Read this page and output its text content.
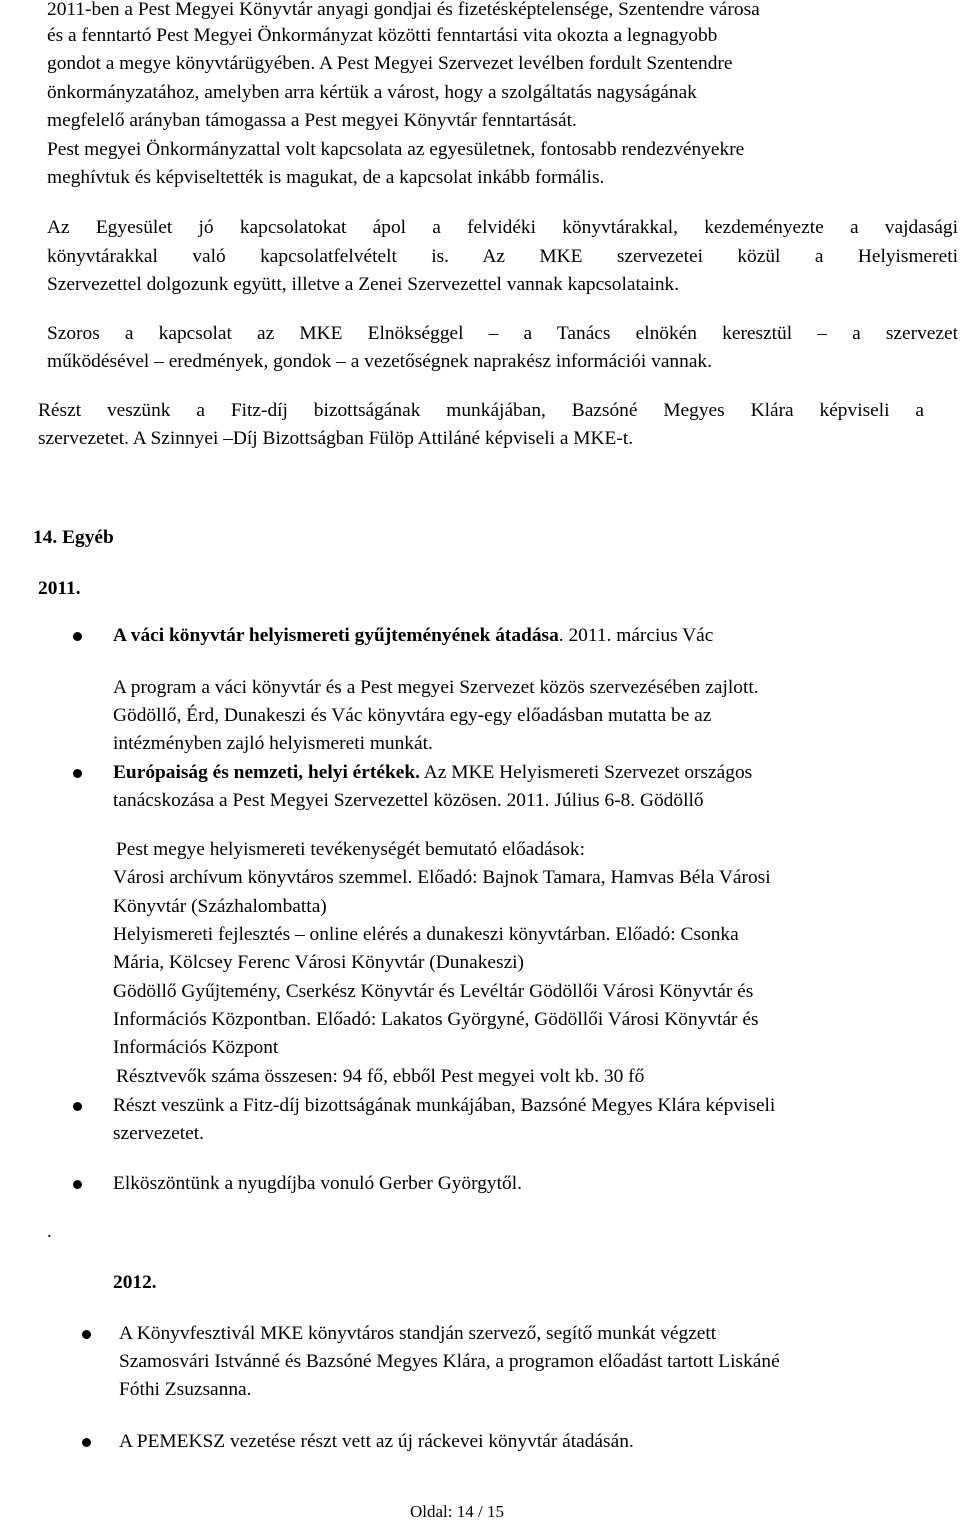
2011-ben a Pest Megyei Könyvtár anyagi gondjai és fizetésképtelensége, Szentendre városa
és a fenntartó Pest Megyei Önkormányzat közötti fenntartási vita okozta a legnagyobb
gondot a megye könyvtárügyében. A Pest Megyei Szervezet levélben fordult Szentendre
önkormányzatához, amelyben arra kértük a várost, hogy a szolgáltatás nagyságának
megfelelő arányban támogassa a Pest megyei Könyvtár fenntartását.
Pest megyei Önkormányzattal volt kapcsolata az egyesületnek, fontosabb rendezvényekre
meghívtuk és képviseltették is magukat, de a kapcsolat inkább formális.
Az Egyesület jó kapcsolatokat ápol a felvidéki könyvtárakkal, kezdeményezte a vajdasági
könyvtárakkal való kapcsolatfelvételt is. Az MKE szervezetei közül a Helyismereti
Szervezettel dolgozunk együtt, illetve a Zenei Szervezettel vannak kapcsolataink.
Szoros a kapcsolat az MKE Elnökséggel – a Tanács elnökén keresztül – a szervezet
működésével – eredmények, gondok – a vezetőségnek naprakész információi vannak.
Részt veszünk a Fitz-díj bizottságának munkájában, Bazsóné Megyes Klára képviseli a
szervezetet. A Szinnyei –Díj Bizottságban Fülöp Attiláné képviseli a MKE-t.
14. Egyéb
2011.
A váci könyvtár helyismereti gyűjteményének átadása. 2011. március Vác
A program a váci könyvtár és a Pest megyei Szervezet közös szervezésében zajlott.
Gödöllő, Érd, Dunakeszi és Vác könyvtára egy-egy előadásban mutatta be az
intézményben zajló helyismereti munkát.
Európaiság és nemzeti, helyi értékek. Az MKE Helyismereti Szervezet országos
tanácskozása a Pest Megyei Szervezettel közösen. 2011. Július 6-8. Gödöllő
Pest megye helyismereti tevékenységét bemutató előadások:
Városi archívum könyvtáros szemmel. Előadó: Bajnok Tamara, Hamvas Béla Városi
Könyvtár (Százhalombatta)
Helyismereti fejlesztés – online elérés a dunakeszi könyvtárban. Előadó: Csonka
Mária, Kölcsey Ferenc Városi Könyvtár (Dunakeszi)
Gödöllő Gyűjtemény, Cserkész Könyvtár és Levéltár Gödöllői Városi Könyvtár és
Információs Központban. Előadó: Lakatos Györgyné, Gödöllői Városi Könyvtár és
Információs Központ
Résztvevők száma összesen: 94 fő, ebből Pest megyei volt kb. 30 fő
Részt veszünk a Fitz-díj bizottságának munkájában, Bazsóné Megyes Klára képviseli
szervezetet.
Elköszöntünk a nyugdíjba vonuló Gerber Györgytől.
.
2012.
A Könyvfesztivál MKE könyvtáros standján szervező, segítő munkát végzett
Szamosvári Istvánné és Bazsóné Megyes Klára, a programon előadást tartott Liskáné
Fóthi Zsuzsanna.
A PEMEKSZ vezetése részt vett az új ráckevei könyvtár átadásán.
Oldal: 14 / 15
